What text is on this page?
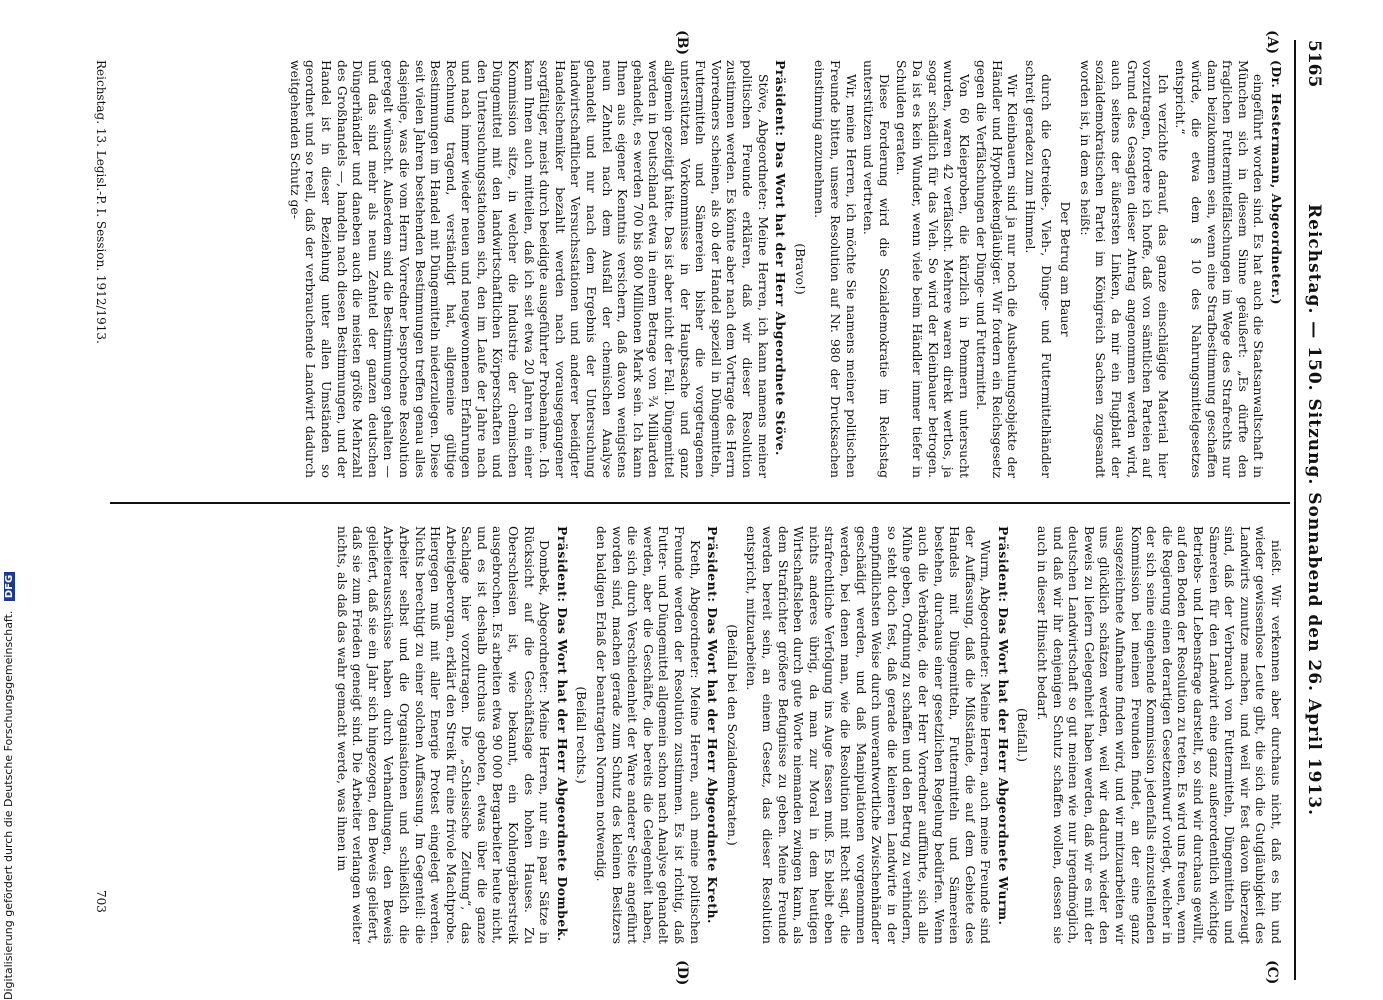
5165
Reichstag. — 150. Sitzung. Sonnabend den 26. April 1913.
(A)
(B)
(C)
(D)

(Dr. Hestermann, Abgeordneter.)

eingeführt worden sind. Es hat auch die Staatsanwaltschaft in München sich in diesem Sinne geäußert: „Es dürfte den fraglichen Futtermittelfälschungen im Wege des Strafrechts nur dann beizukommen sein, wenn eine Strafbestimmung geschaffen würde, die etwa dem § 10 des Nahrungsmittelgesetzes entspricht.“

Ich verzichte darauf, das ganze einschlägige Material hier vorzutragen, fordere ich hoffe, daß von sämtlichen Parteien auf Grund des Gesagten dieser Antrag angenommen werden wird, auch seitens der äußersten Linken, da mir ein Flugblatt der sozialdemokratischen Partei im Königreich Sachsen zugesandt worden ist, in dem es heißt:

Der Betrug am Bauer

durch die Getreide-, Vieh-, Dünge- und Futtermittelhändler schreit geradezu zum Himmel.

Wir Kleinbauern sind ja nur noch die Ausbeutungsobjekte der Händler und Hypothekengläubiger. Wir fordern ein Reichsgesetz gegen die Verfälschungen der Dünge- und Futtermittel.

Von 60 Kleieproben, die kürzlich in Pommern untersucht wurden, waren 42 verfälscht. Mehrere waren direkt wertlos, ja sogar schädlich für das Vieh. So wird der Kleinbauer betrogen. Da ist es kein Wunder, wenn viele beim Händler immer tiefer in Schulden geraten.

Diese Forderung wird die Sozialdemokratie im Reichstag unterstützen und vertreten.

Wir, meine Herren, ich möchte Sie namens meiner politischen Freunde bitten, unsere Resolution auf Nr. 980 der Drucksachen einstimmig anzunehmen.

(Bravo!)

Präsident: Das Wort hat der Herr Abgeordnete Stöve.

Stöve, Abgeordneter: Meine Herren, ich kann namens meiner politischen Freunde erklären, daß wir dieser Resolution zustimmen werden. Es könnte aber nach dem Vortrage des Herrn Vorredners scheinen, als ob der Handel speziell in Düngemitteln, Futtermitteln und Sämereien bisher die vorgetragenen unterstützten Vorkommnisse in der Hauptsache und ganz allgemein gezeitigt hätte. Das ist aber nicht der Fall. Düngemittel werden in Deutschland etwa in einem Betrage von ¾ Milliarden gehandelt, es werden 700 bis 800 Millionen Mark sein. Ich kann Ihnen aus eigener Kenntnis versichern, daß davon wenigstens neun Zehntel nach dem Ausfall der chemischen Analyse gehandelt und nur nach dem Ergebnis der Untersuchung landwirtschaftlicher Versuchsstationen und anderer beeidigter Handelschemiker bezahlt werden nach vorausgegangener sorgfältiger, meist durch beeidigte ausgeführter Probenahme. Ich kann Ihnen auch mitteilen, daß ich seit etwa 20 Jahren in einer Kommission sitze, in welcher die Industrie der chemischen Düngemittel mit den landwirtschaftlichen Körperschaften und den Untersuchungsstationen sich, den im Laufe der Jahre nach und nach immer wieder neuen und neugewonnenen Erfahrungen Rechnung tragend, verständigt hat, allgemeine gültige Bestimmungen im Handel mit Düngemitteln niederzulegen. Diese seit vielen Jahren bestehenden Bestimmungen treffen genau alles dasjenige, was die vom Herrn Vorredner besprochene Resolution geregelt wünscht. Außerdem sind die Bestimmungen gehalten — und das sind mehr als neun Zehntel der ganzen deutschen Düngerhändler und daneben auch die meisten größte Mehrzahl des Großhandels —, handeln nach diesen Bestimmungen, und der Handel ist in dieser Beziehung unter allen Umständen so geordnet und so reell, daß der verbrauchende Landwirt dadurch weitgehenden Schutz ge-

nießt. Wir verkennen aber durchaus nicht, daß es hin und wieder gewissenlose Leute gibt, die sich die Gutgläubigkeit des Landwirts zunutze machen, und weil wir fest davon überzeugt sind, daß der Verbrauch von Futtermitteln, Düngemitteln und Sämereien für den Landwirt eine ganz außerordentlich wichtige Betriebs- und Lebensfrage darstellt, so sind wir durchaus gewillt, auf den Boden der Resolution zu treten. Es wird uns freuen, wenn die Regierung einen derartigen Gesetzentwurf vorlegt, welcher in der sich seine eingehende Kommission jedenfalls einzustellenden Kommission bei meinen Freunden findet, an der eine ganz ausgezeichnete Aufnahme finden wird, und wir mitzuarbeiten wir uns glücklich schätzen werden, weil wir dadurch wieder den Beweis zu liefern Gelegenheit haben werden, daß wir es mit der deutschen Landwirtschaft so gut meinen wie nur irgendmöglich, und daß wir ihr denjenigen Schutz schaffen wollen, dessen sie auch in dieser Hinsicht bedarf.

(Beifall.)

Präsident: Das Wort hat der Herr Abgeordnete Wurm.

Wurm, Abgeordneter: Meine Herren, auch meine Freunde sind der Auffassung, daß die Mißstände, die auf dem Gebiete des Handels mit Düngemitteln, Futtermitteln und Sämereien bestehen, durchaus einer gesetzlichen Regelung bedürfen. Wenn auch die Verbände, die der Herr Vorredner aufführte, sich alle Mühe geben, Ordnung zu schaffen und den Betrug zu verhindern, so steht doch fest, daß gerade die kleineren Landwirte in der empfindlichsten Weise durch unverantwortliche Zwischenhändler geschädigt werden, und daß Manipulationen vorgenommen werden, bei denen man, wie die Resolution mit Recht sagt, die strafrechtliche Verfolgung ins Auge fassen muß. Es bleibt eben nichts anderes übrig, da man zur Moral in dem heutigen Wirtschaftsleben durch gute Worte niemanden zwingen kann, als dem Strafrichter größere Befugnisse zu geben. Meine Freunde werden bereit sein, an einem Gesetz, das dieser Resolution entspricht, mitzuarbeiten.

(Beifall bei den Sozialdemokraten.)

Präsident: Das Wort hat der Herr Abgeordnete Kreth.

Kreth, Abgeordneter: Meine Herren, auch meine politischen Freunde werden der Resolution zustimmen. Es ist richtig, daß Futter- und Düngemittel allgemein schon nach Analyse gehandelt werden, aber die Geschäfte, die bereits die Gelegenheit haben, die sich durch Verschiedenheit der Ware anderer Seite angeführt worden sind, machen gerade zum Schutz des kleinen Besitzers den baldigen Erlaß der beantragten Normen notwendig.

(Beifall rechts.)

Präsident: Das Wort hat der Herr Abgeordnete Dombek.

Dombek, Abgeordneter: Meine Herren, nur ein paar Sätze in Rücksicht auf die Geschäftslage des hohen Hauses. Zu Oberschlesien ist, wie bekannt, ein Kohlengräberstreik ausgebrochen. Es arbeiten etwa 90 000 Bergarbeiter heute nicht, und es ist deshalb durchaus geboten, etwas über die ganze Sachlage hier vorzutragen. Die „Schlesische Zeitung“, das Arbeitgeberorgan, erklärt den Streik für eine frivole Machtprobe. Hiergegen muß mit aller Energie Protest eingelegt werden. Nichts berechtigt zu einer solchen Auffassung. Im Gegenteil: die Arbeiter selbst und die Organisationen und schließlich die Arbeiterausschüsse haben durch Verhandlungen, den Beweis geliefert, daß sie ein Jahr sich hingezogen, den Beweis geliefert, daß sie zum Frieden geneigt sind. Die Arbeiter verlangen weiter nichts, als daß das wahr gemacht werde, was ihnen im

Reichstag. 13. Legisl.-P. I. Session. 1912/1913.
703
Digitalisierung gefördert durch die Deutsche Forschungsgemeinschaft. DFG
